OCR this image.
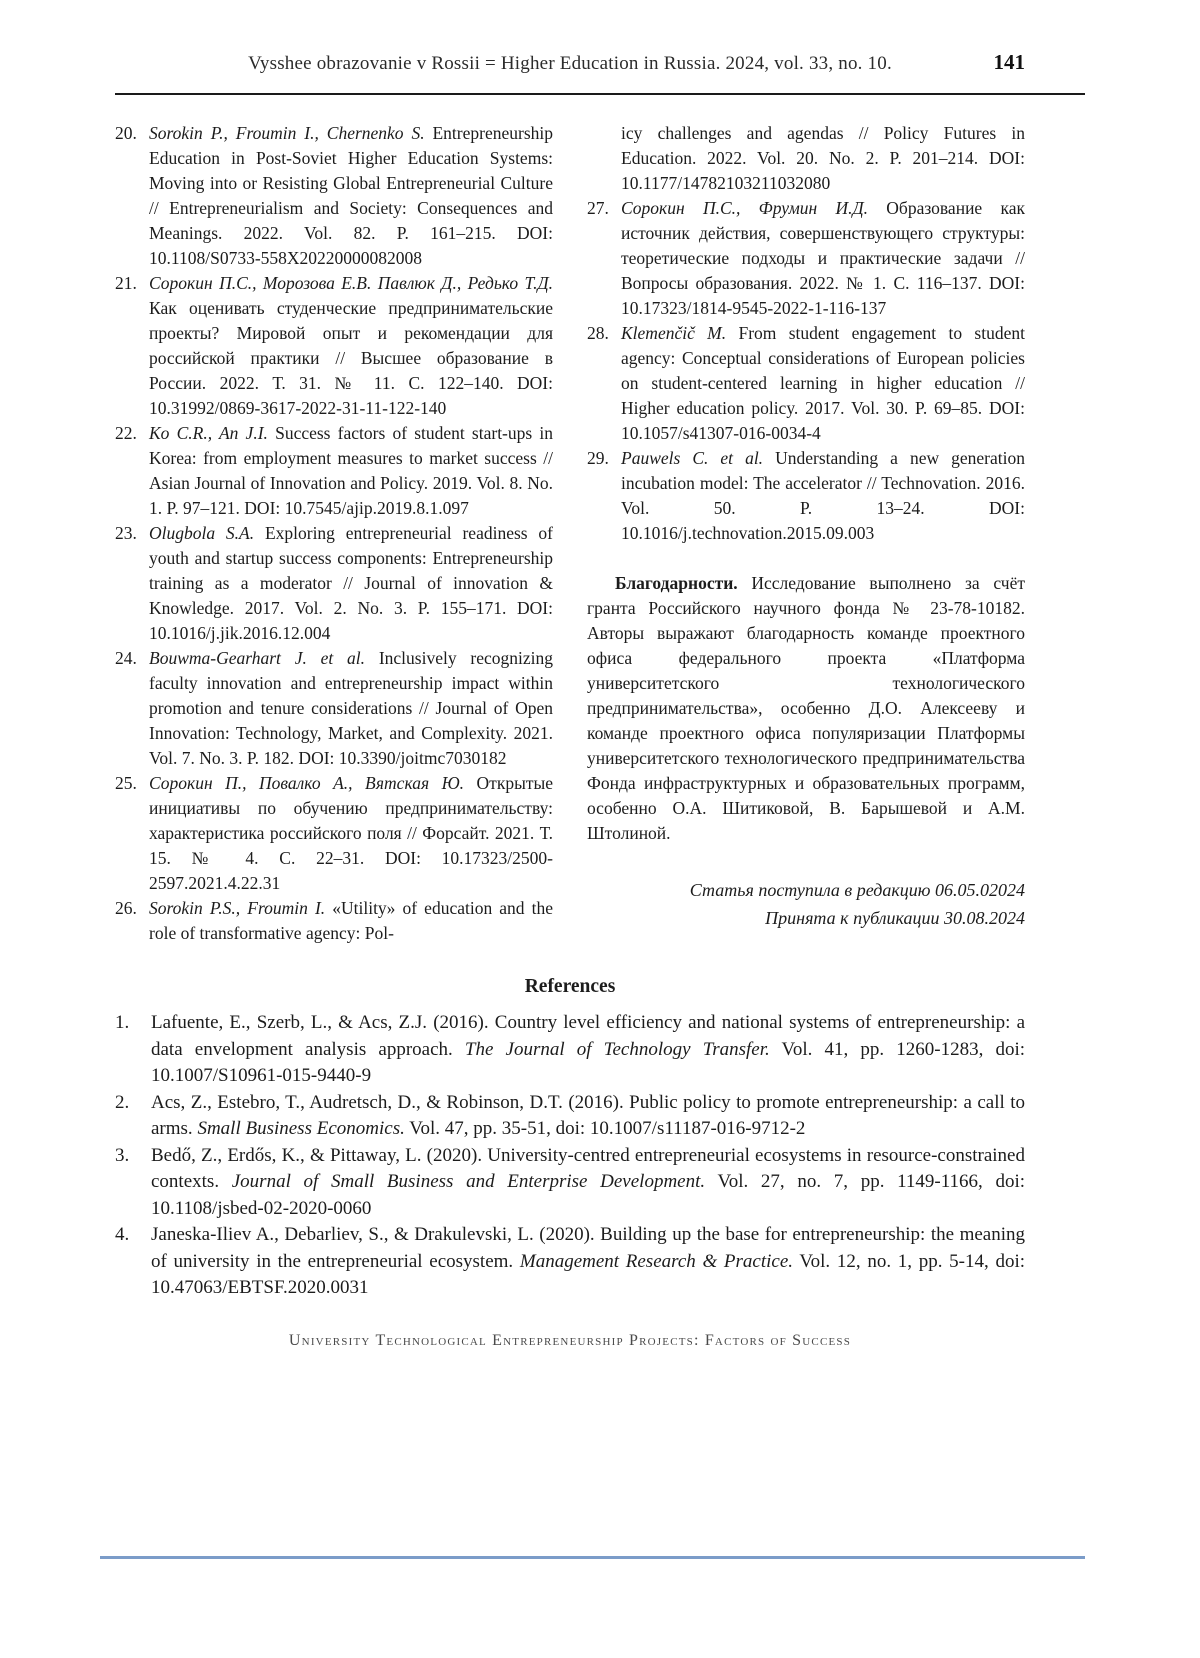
Vysshee obrazovanie v Rossii = Higher Education in Russia. 2024, vol. 33, no. 10.	141
20. Sorokin P., Froumin I., Chernenko S. Entrepreneurship Education in Post-Soviet Higher Education Systems: Moving into or Resisting Global Entrepreneurial Culture // Entrepreneurialism and Society: Consequences and Meanings. 2022. Vol. 82. P. 161–215. DOI: 10.1108/S0733-558X20220000082008
21. Сорокин П.С., Морозова Е.В. Павлюк Д., Редько Т.Д. Как оценивать студенческие предпринимательские проекты? Мировой опыт и рекомендации для российской практики // Высшее образование в России. 2022. Т. 31. № 11. С. 122–140. DOI: 10.31992/0869-3617-2022-31-11-122-140
22. Ko C.R., An J.I. Success factors of student start-ups in Korea: from employment measures to market success // Asian Journal of Innovation and Policy. 2019. Vol. 8. No. 1. P. 97–121. DOI: 10.7545/ajip.2019.8.1.097
23. Olugbola S.A. Exploring entrepreneurial readiness of youth and startup success components: Entrepreneurship training as a moderator // Journal of innovation & Knowledge. 2017. Vol. 2. No. 3. P. 155–171. DOI: 10.1016/j.jik.2016.12.004
24. Bouwma-Gearhart J. et al. Inclusively recognizing faculty innovation and entrepreneurship impact within promotion and tenure considerations // Journal of Open Innovation: Technology, Market, and Complexity. 2021. Vol. 7. No. 3. P. 182. DOI: 10.3390/joitmc7030182
25. Сорокин П., Повалко А., Вятская Ю. Открытые инициативы по обучению предпринимательству: характеристика российского поля // Форсайт. 2021. Т. 15. № 4. С. 22–31. DOI: 10.17323/2500-2597.2021.4.22.31
26. Sorokin P.S., Froumin I. «Utility» of education and the role of transformative agency: Pol-

icy challenges and agendas // Policy Futures in Education. 2022. Vol. 20. No. 2. P. 201–214. DOI: 10.1177/14782103211032080

27. Сорокин П.С., Фрумин И.Д. Образование как источник действия, совершенствующего структуры: теоретические подходы и практические задачи // Вопросы образования. 2022. № 1. С. 116–137. DOI: 10.17323/1814-9545-2022-1-116-137
28. Klemenčič M. From student engagement to student agency: Conceptual considerations of European policies on student-centered learning in higher education // Higher education policy. 2017. Vol. 30. P. 69–85. DOI: 10.1057/s41307-016-0034-4
29. Pauwels C. et al. Understanding a new generation incubation model: The accelerator // Technovation. 2016. Vol. 50. P. 13–24. DOI: 10.1016/j.technovation.2015.09.003

Благодарности. Исследование выполнено за счёт гранта Российского научного фонда № 23-78-10182. Авторы выражают благодарность команде проектного офиса федерального проекта «Платформа университетского технологического предпринимательства», особенно Д.О. Алексееву и команде проектного офиса популяризации Платформы университетского технологического предпринимательства Фонда инфраструктурных и образовательных программ, особенно О.А. Шитиковой, В. Барышевой и А.М. Штолиной.

Статья поступила в редакцию 06.05.02024
Принята к публикации 30.08.2024
References
1. Lafuente, E., Szerb, L., & Acs, Z.J. (2016). Country level efficiency and national systems of entrepreneurship: a data envelopment analysis approach. The Journal of Technology Transfer. Vol. 41, pp. 1260-1283, doi: 10.1007/S10961-015-9440-9
2. Acs, Z., Estebro, T., Audretsch, D., & Robinson, D.T. (2016). Public policy to promote entrepreneurship: a call to arms. Small Business Economics. Vol. 47, pp. 35-51, doi: 10.1007/s11187-016-9712-2
3. Bedő, Z., Erdős, K., & Pittaway, L. (2020). University-centred entrepreneurial ecosystems in resource-constrained contexts. Journal of Small Business and Enterprise Development. Vol. 27, no. 7, pp. 1149-1166, doi: 10.1108/jsbed-02-2020-0060
4. Janeska-Iliev A., Debarliev, S., & Drakulevski, L. (2020). Building up the base for entrepreneurship: the meaning of university in the entrepreneurial ecosystem. Management Research & Practice. Vol. 12, no. 1, pp. 5-14, doi: 10.47063/EBTSF.2020.0031
University Technological Entrepreneurship Projects: Factors of Success
